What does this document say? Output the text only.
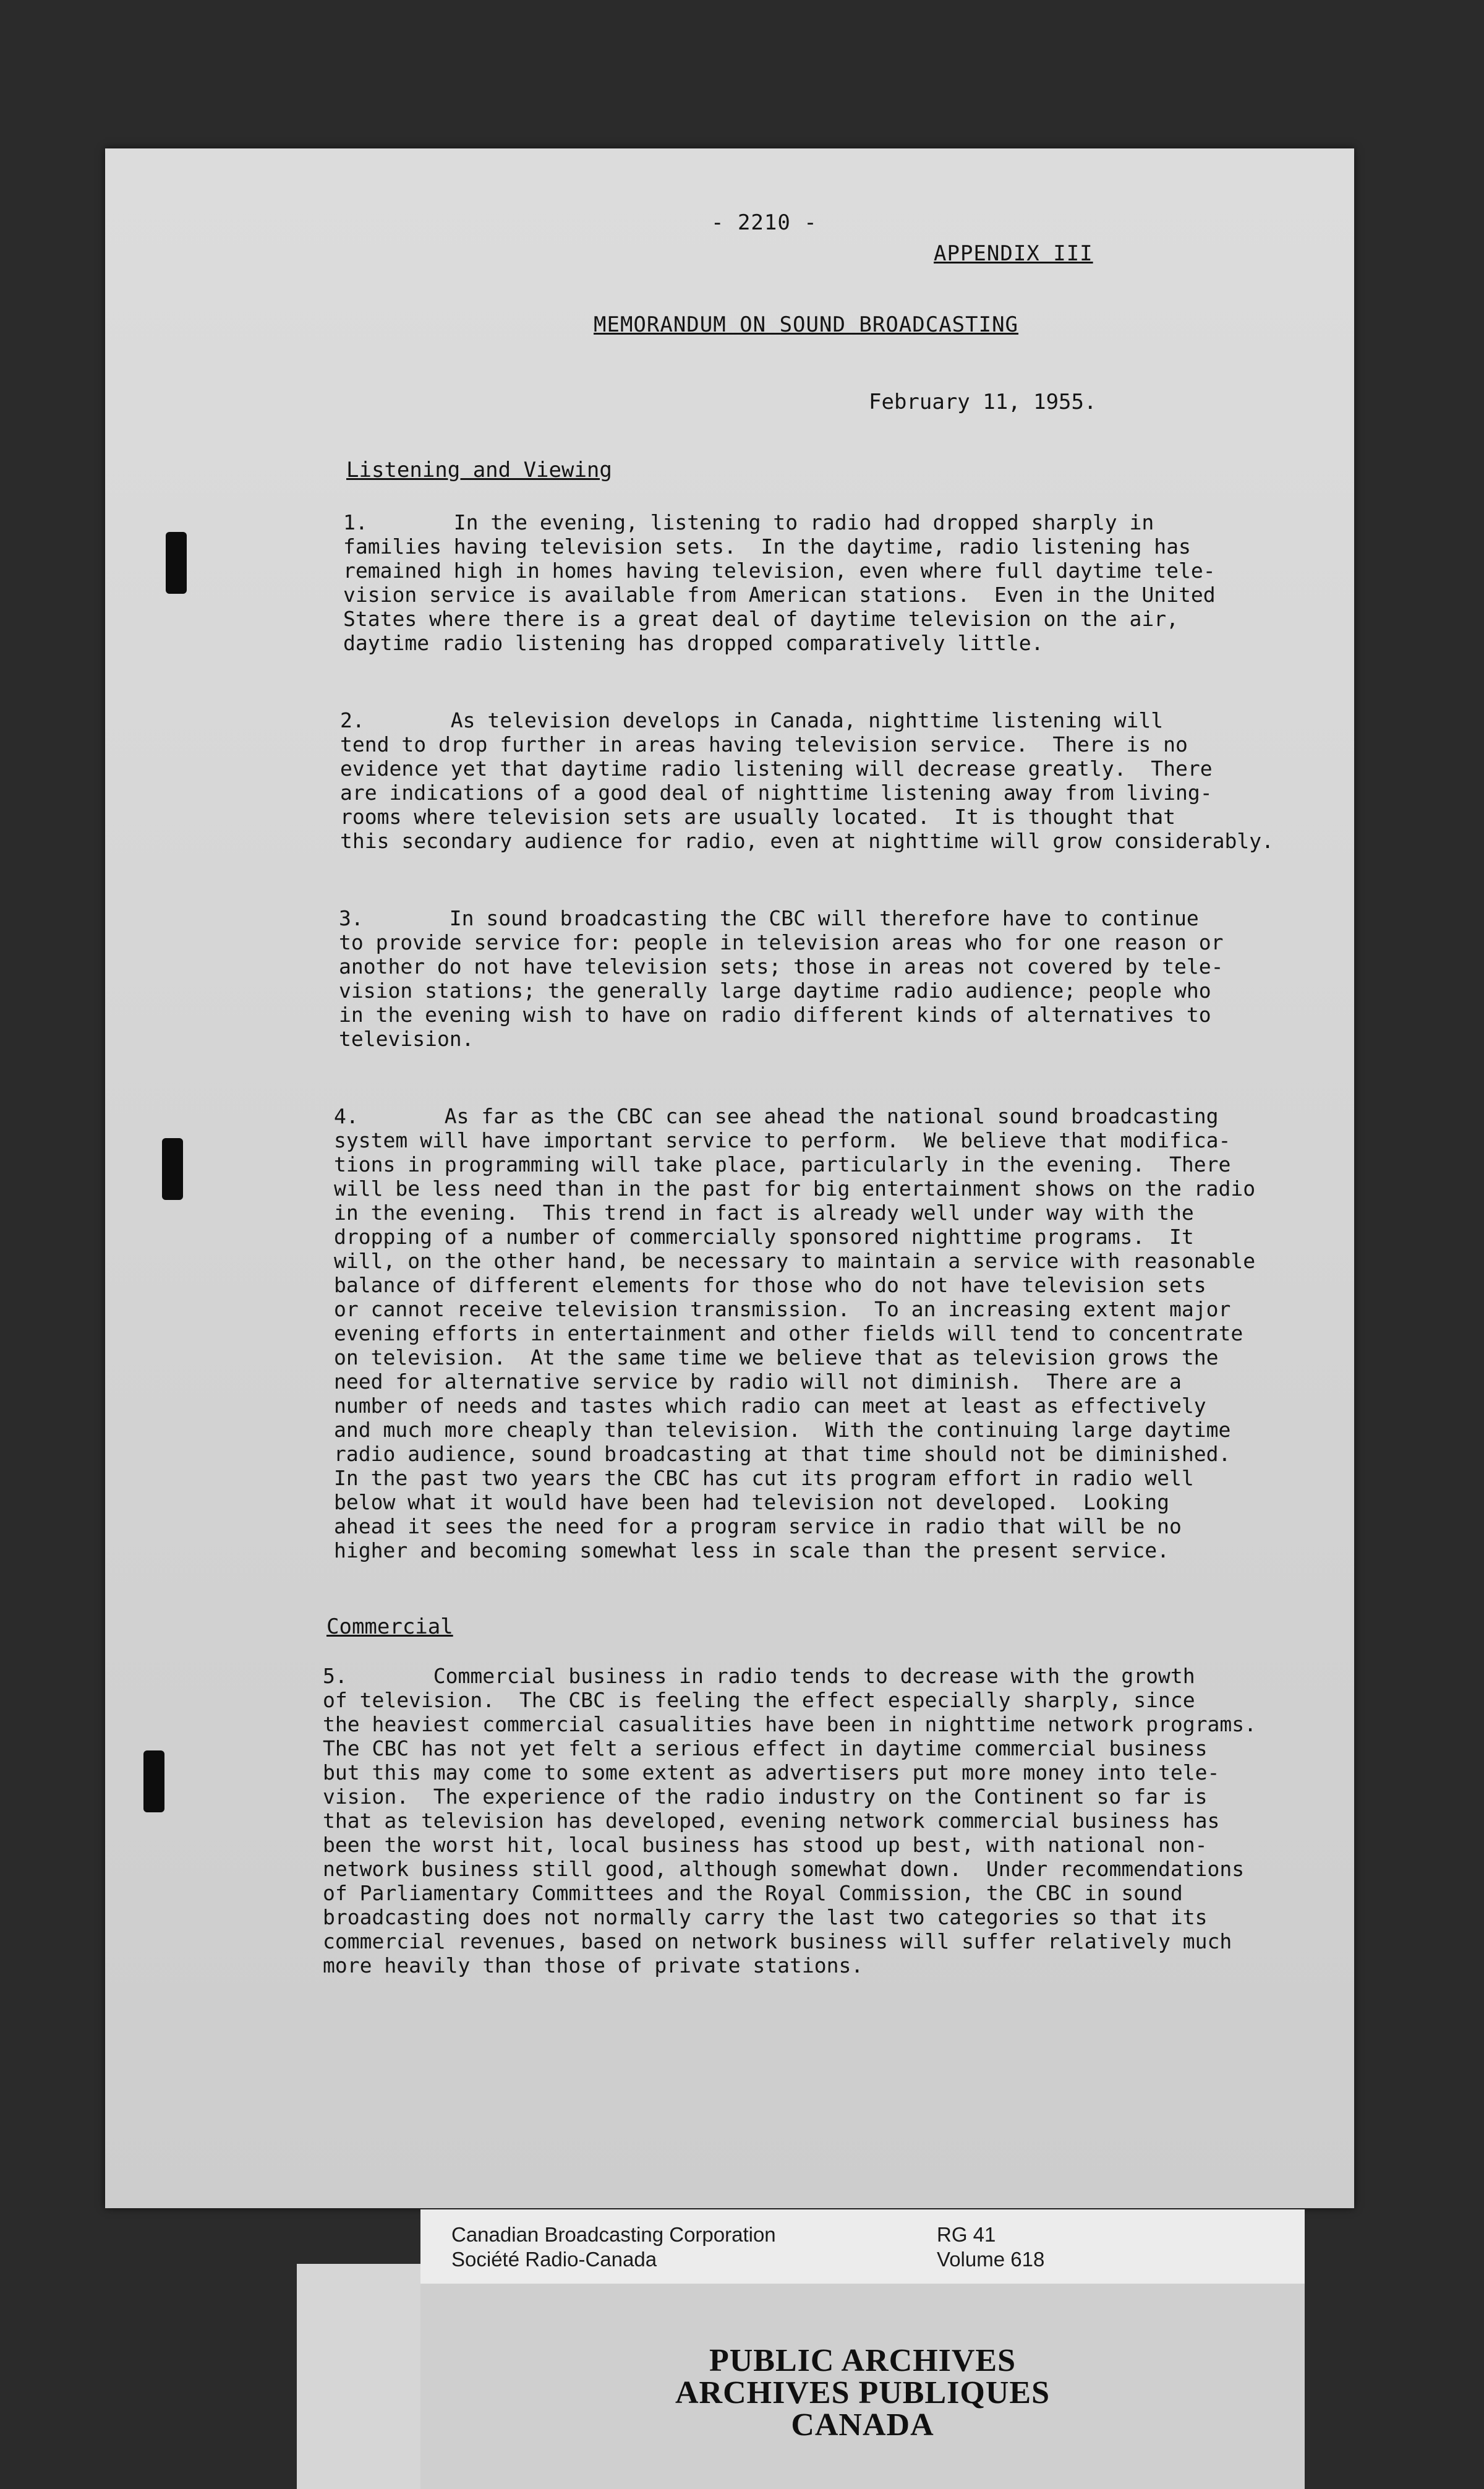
- 2210 -
APPENDIX III
MEMORANDUM ON SOUND BROADCASTING
February 11, 1955.
Listening and Viewing
1.       In the evening, listening to radio had dropped sharply in
families having television sets.  In the daytime, radio listening has
remained high in homes having television, even where full daytime tele-
vision service is available from American stations.  Even in the United
States where there is a great deal of daytime television on the air,
daytime radio listening has dropped comparatively little.
2.       As television develops in Canada, nighttime listening will
tend to drop further in areas having television service.  There is no
evidence yet that daytime radio listening will decrease greatly.  There
are indications of a good deal of nighttime listening away from living-
rooms where television sets are usually located.  It is thought that
this secondary audience for radio, even at nighttime will grow considerably.
3.       In sound broadcasting the CBC will therefore have to continue
to provide service for: people in television areas who for one reason or
another do not have television sets; those in areas not covered by tele-
vision stations; the generally large daytime radio audience; people who
in the evening wish to have on radio different kinds of alternatives to
television.
4.       As far as the CBC can see ahead the national sound broadcasting
system will have important service to perform.  We believe that modifica-
tions in programming will take place, particularly in the evening.  There
will be less need than in the past for big entertainment shows on the radio
in the evening.  This trend in fact is already well under way with the
dropping of a number of commercially sponsored nighttime programs.  It
will, on the other hand, be necessary to maintain a service with reasonable
balance of different elements for those who do not have television sets
or cannot receive television transmission.  To an increasing extent major
evening efforts in entertainment and other fields will tend to concentrate
on television.  At the same time we believe that as television grows the
need for alternative service by radio will not diminish.  There are a
number of needs and tastes which radio can meet at least as effectively
and much more cheaply than television.  With the continuing large daytime
radio audience, sound broadcasting at that time should not be diminished.
In the past two years the CBC has cut its program effort in radio well
below what it would have been had television not developed.  Looking
ahead it sees the need for a program service in radio that will be no
higher and becoming somewhat less in scale than the present service.
Commercial
5.       Commercial business in radio tends to decrease with the growth
of television.  The CBC is feeling the effect especially sharply, since
the heaviest commercial casualities have been in nighttime network programs.
The CBC has not yet felt a serious effect in daytime commercial business
but this may come to some extent as advertisers put more money into tele-
vision.  The experience of the radio industry on the Continent so far is
that as television has developed, evening network commercial business has
been the worst hit, local business has stood up best, with national non-
network business still good, although somewhat down.  Under recommendations
of Parliamentary Committees and the Royal Commission, the CBC in sound
broadcasting does not normally carry the last two categories so that its
commercial revenues, based on network business will suffer relatively much
more heavily than those of private stations.
Canadian Broadcasting Corporation
Société Radio-Canada
RG 41
Volume 618
PUBLIC ARCHIVES
ARCHIVES PUBLIQUES
CANADA
